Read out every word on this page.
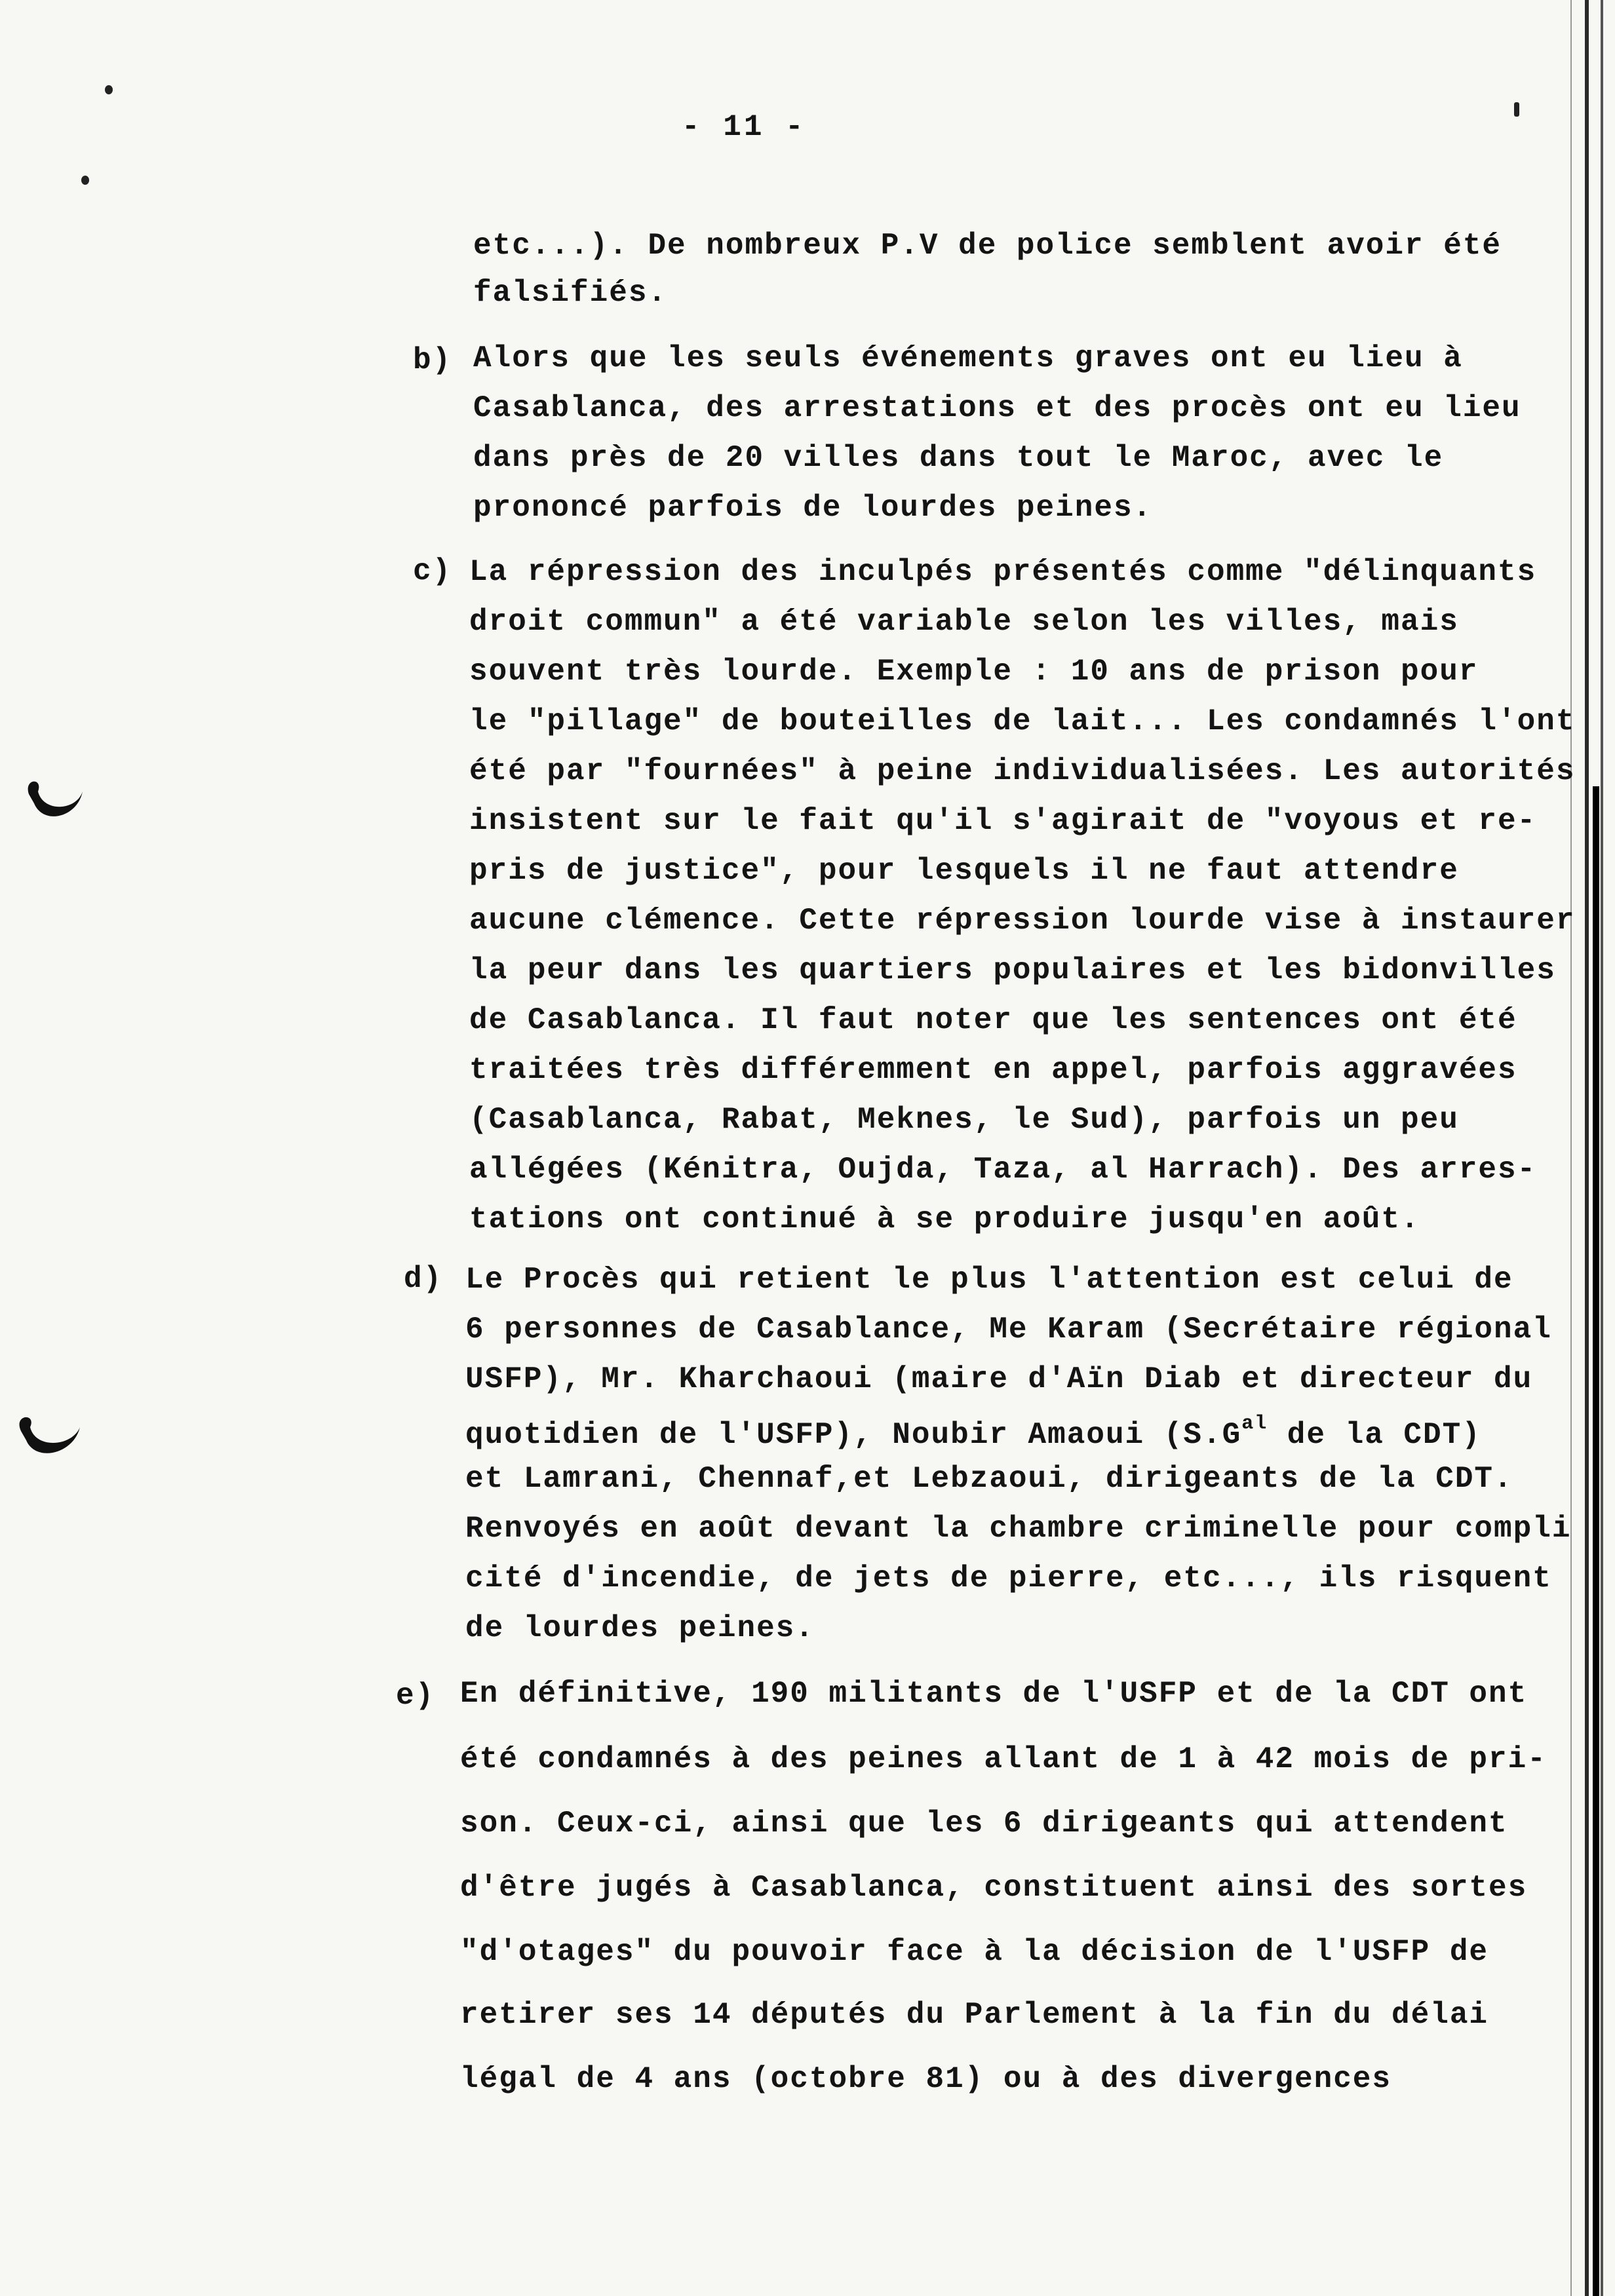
- 11 -
etc...). De nombreux P.V de police semblent avoir été
falsifiés.
b) Alors que les seuls événements graves ont eu lieu à
Casablanca, des arrestations et des procès ont eu lieu
dans près de 20 villes dans tout le Maroc, avec le
prononcé parfois de lourdes peines.
c) La répression des inculpés présentés comme "délinquants
droit commun" a été variable selon les villes, mais
souvent très lourde. Exemple : 10 ans de prison pour
le "pillage" de bouteilles de lait... Les condamnés l'ont
été par "fournées" à peine individualisées. Les autorités
insistent sur le fait qu'il s'agirait de "voyous et re-
pris de justice", pour lesquels il ne faut attendre
aucune clémence. Cette répression lourde vise à instaurer
la peur dans les quartiers populaires et les bidonvilles
de Casablanca. Il faut noter que les sentences ont été
traitées très différemment en appel, parfois aggravées
(Casablanca, Rabat, Meknes, le Sud), parfois un peu
allégées (Kénitra, Oujda, Taza, al Harrach). Des arres-
tations ont continué à se produire jusqu'en août.
d) Le Procès qui retient le plus l'attention est celui de
6 personnes de Casablance, Me Karam (Secrétaire régional
USFP), Mr. Kharchaoui (maire d'Aïn Diab et directeur du
quotidien de l'USFP), Noubir Amaoui ($S.G^{al}$ de la CDT)
et Lamrani, Chennaf,et Lebzaoui, dirigeants de la CDT.
Renvoyés en août devant la chambre criminelle pour compli
cité d'incendie, de jets de pierre, etc..., ils risquent
de lourdes peines.
e) En définitive, 190 militants de l'USFP et de la CDT ont
été condamnés à des peines allant de 1 à 42 mois de pri-
son. Ceux-ci, ainsi que les 6 dirigeants qui attendent
d'être jugés à Casablanca, constituent ainsi des sortes
"d'otages" du pouvoir face à la décision de l'USFP de
retirer ses 14 députés du Parlement à la fin du délai
légal de 4 ans (octobre 81) ou à des divergences
